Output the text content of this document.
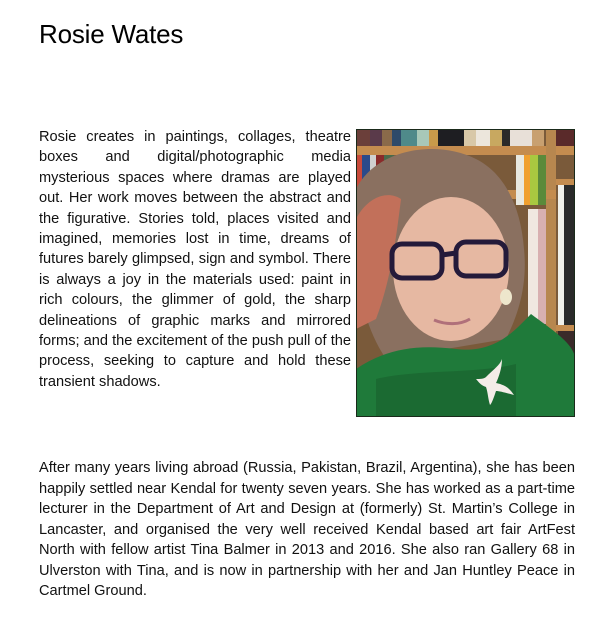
Rosie Wates

Rosie creates in paintings, collages, theatre boxes and digital/photographic media mysterious spaces where dramas are played out. Her work moves between the abstract and the figurative. Stories told, places visited and imagined, memories lost in time, dreams of futures barely glimpsed, sign and symbol. There is always a joy in the materials used: paint in rich colours, the glimmer of gold, the sharp delineations of graphic marks and mirrored forms; and the excitement of the push pull of the process, seeking to capture and hold these transient shadows.

After many years living abroad (Russia, Pakistan, Brazil, Argentina), she has been happily settled near Kendal for twenty seven years. She has worked as a part-time lecturer in the Department of Art and Design at (formerly) St. Martin’s College in Lancaster, and organised the very well received Kendal based art fair ArtFest North with fellow artist Tina Balmer in 2013 and 2016. She also ran Gallery 68 in Ulverston with Tina, and is now in partnership with her and Jan Huntley Peace in Cartmel Ground.
